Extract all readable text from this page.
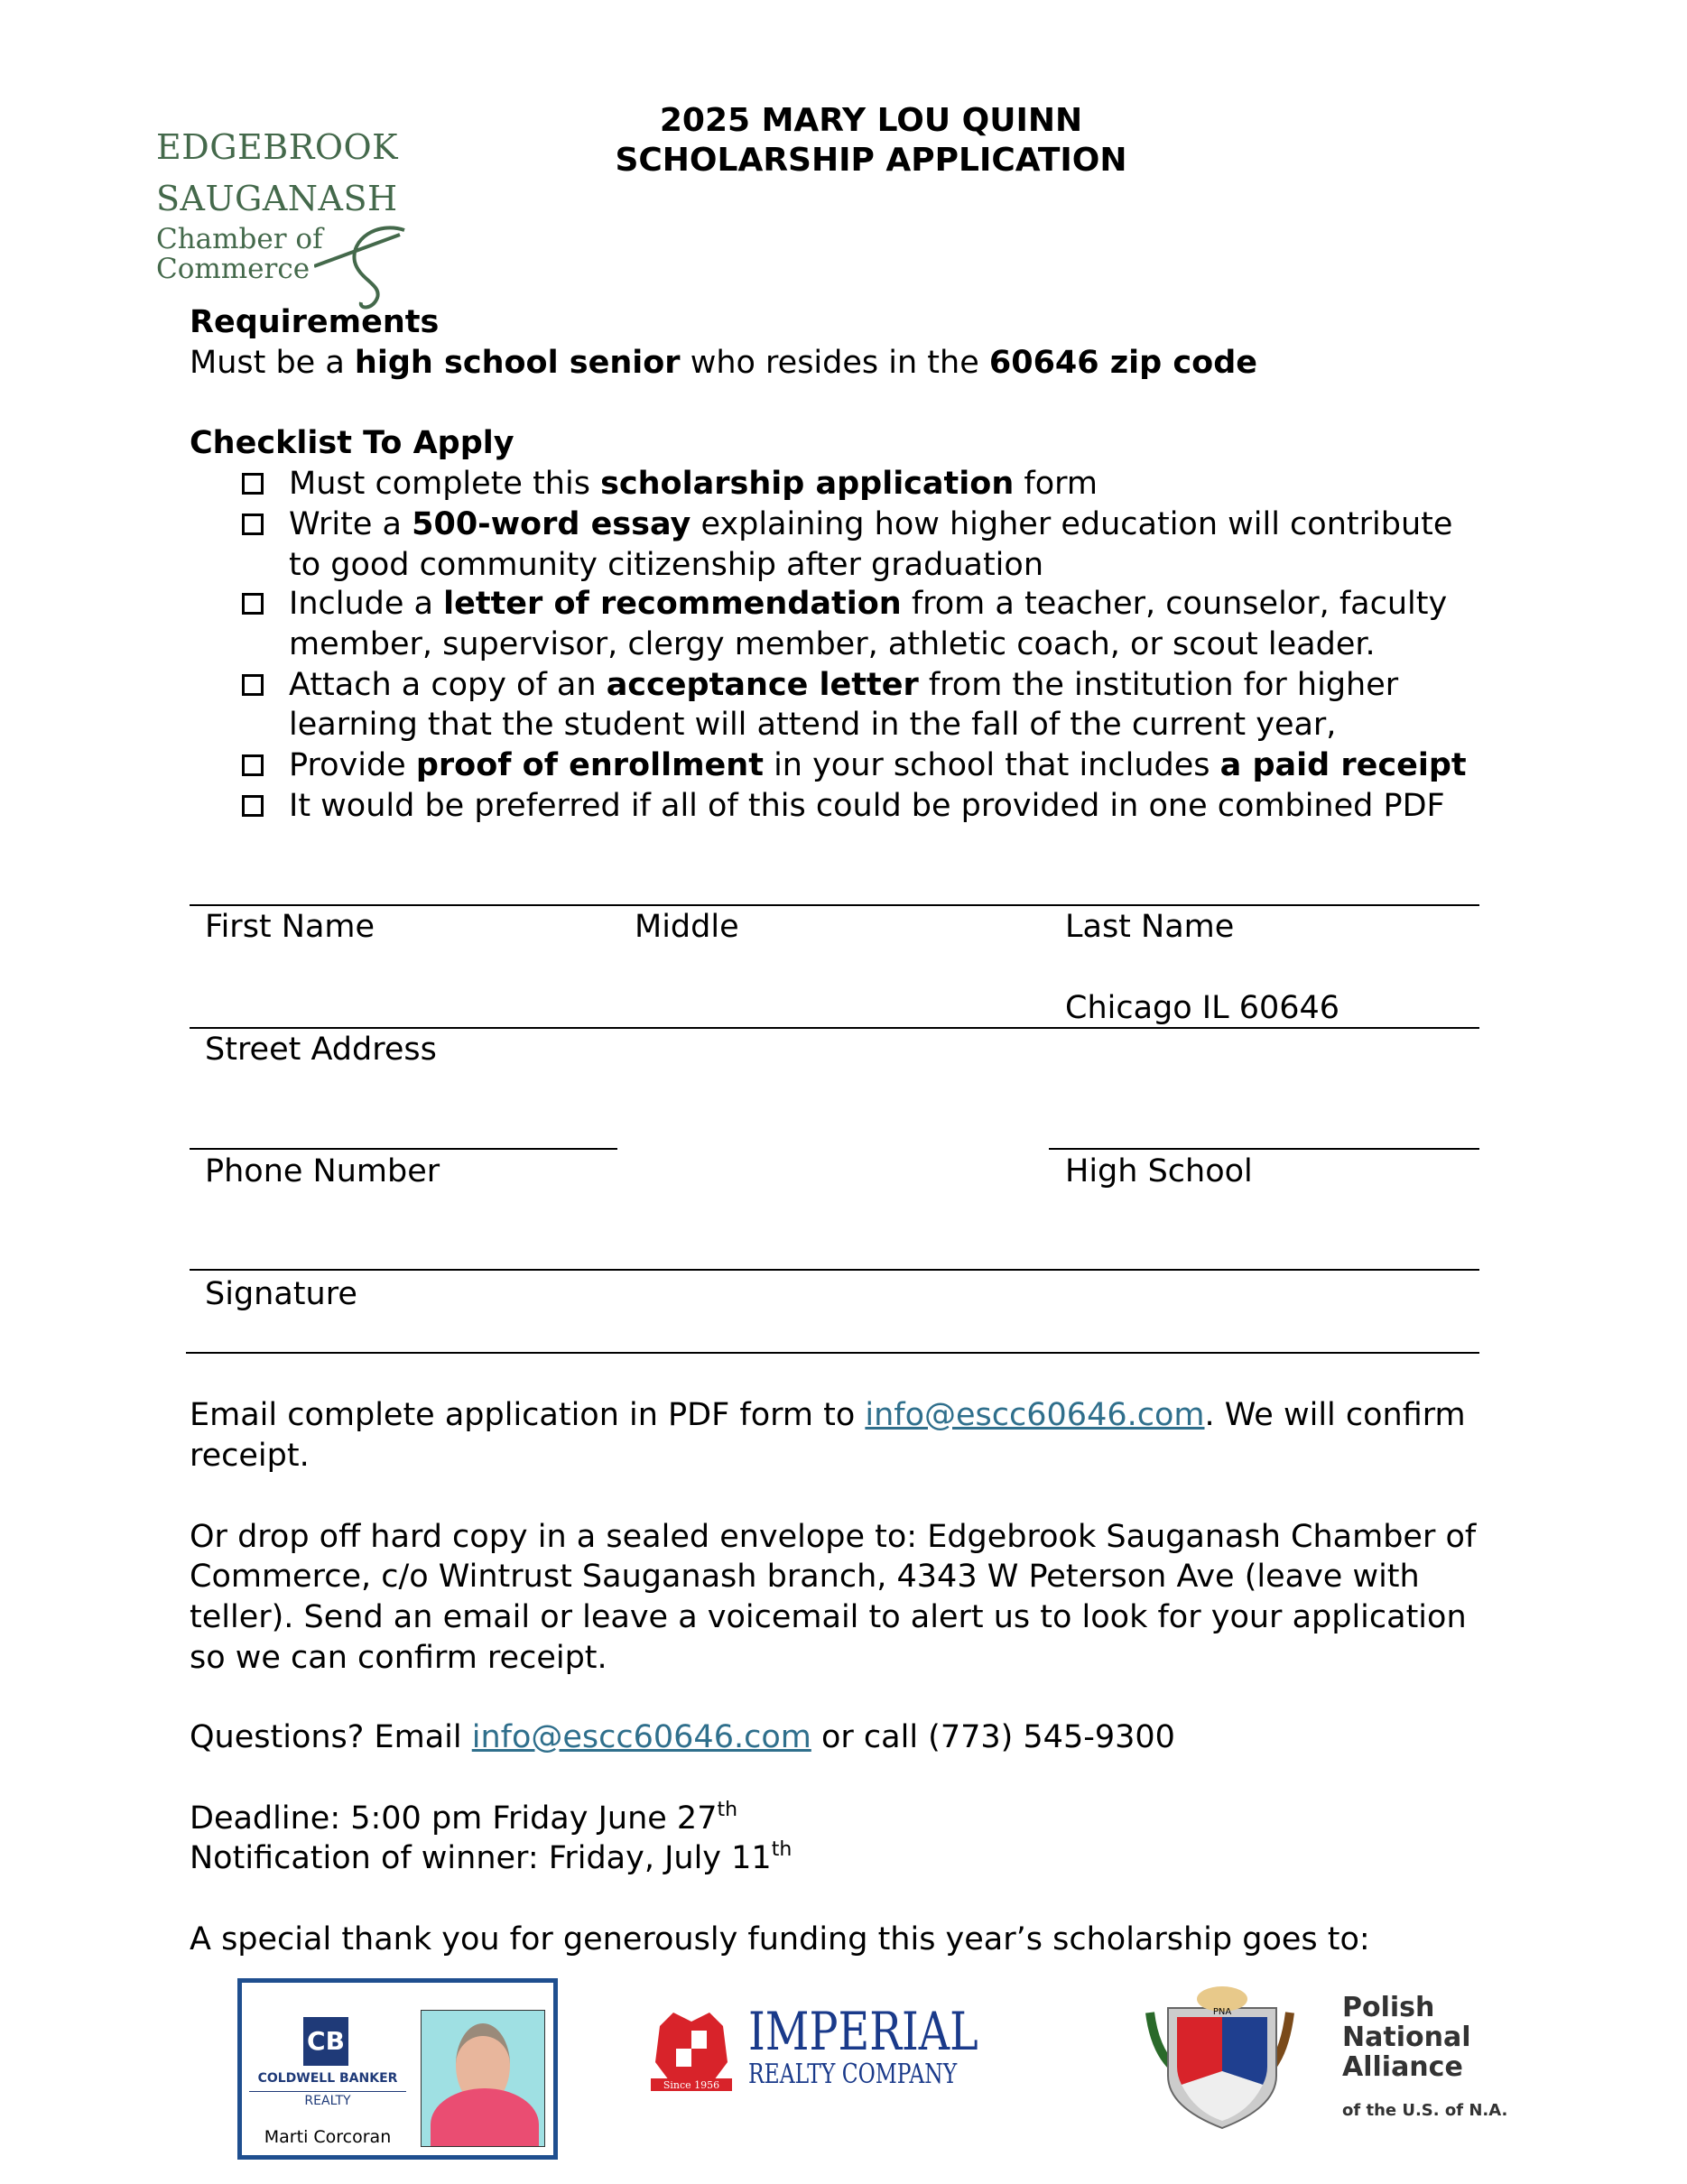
EDGEBROOK
SAUGANASH
Chamber of
Commerce
2025 MARY LOU QUINN
SCHOLARSHIP APPLICATION
Requirements
Must be a high school senior who resides in the 60646 zip code
Checklist To Apply
Must complete this scholarship application form
Write a 500-word essay explaining how higher education will contribute
to good community citizenship after graduation
Include a letter of recommendation from a teacher, counselor, faculty
member, supervisor, clergy member, athletic coach, or scout leader.
Attach a copy of an acceptance letter from the institution for higher
learning that the student will attend in the fall of the current year,
Provide proof of enrollment in your school that includes a paid receipt
It would be preferred if all of this could be provided in one combined PDF
First Name	Middle	Last Name
Chicago IL 60646
Street Address
Phone Number	High School
Signature
Email complete application in PDF form to info@escc60646.com. We will confirm
receipt.
Or drop off hard copy in a sealed envelope to: Edgebrook Sauganash Chamber of
Commerce, c/o Wintrust Sauganash branch, 4343 W Peterson Ave (leave with
teller). Send an email or leave a voicemail to alert us to look for your application
so we can confirm receipt.
Questions? Email info@escc60646.com or call (773) 545-9300
Deadline: 5:00 pm Friday June 27th
Notification of winner: Friday, July 11th
A special thank you for generously funding this year’s scholarship goes to:
CB
COLDWELL BANKER
REALTY
Marti Corcoran
Since 1956
IMPERIAL
REALTY COMPANY
PNA	Polish
National
Alliance
of the U.S. of N.A.
